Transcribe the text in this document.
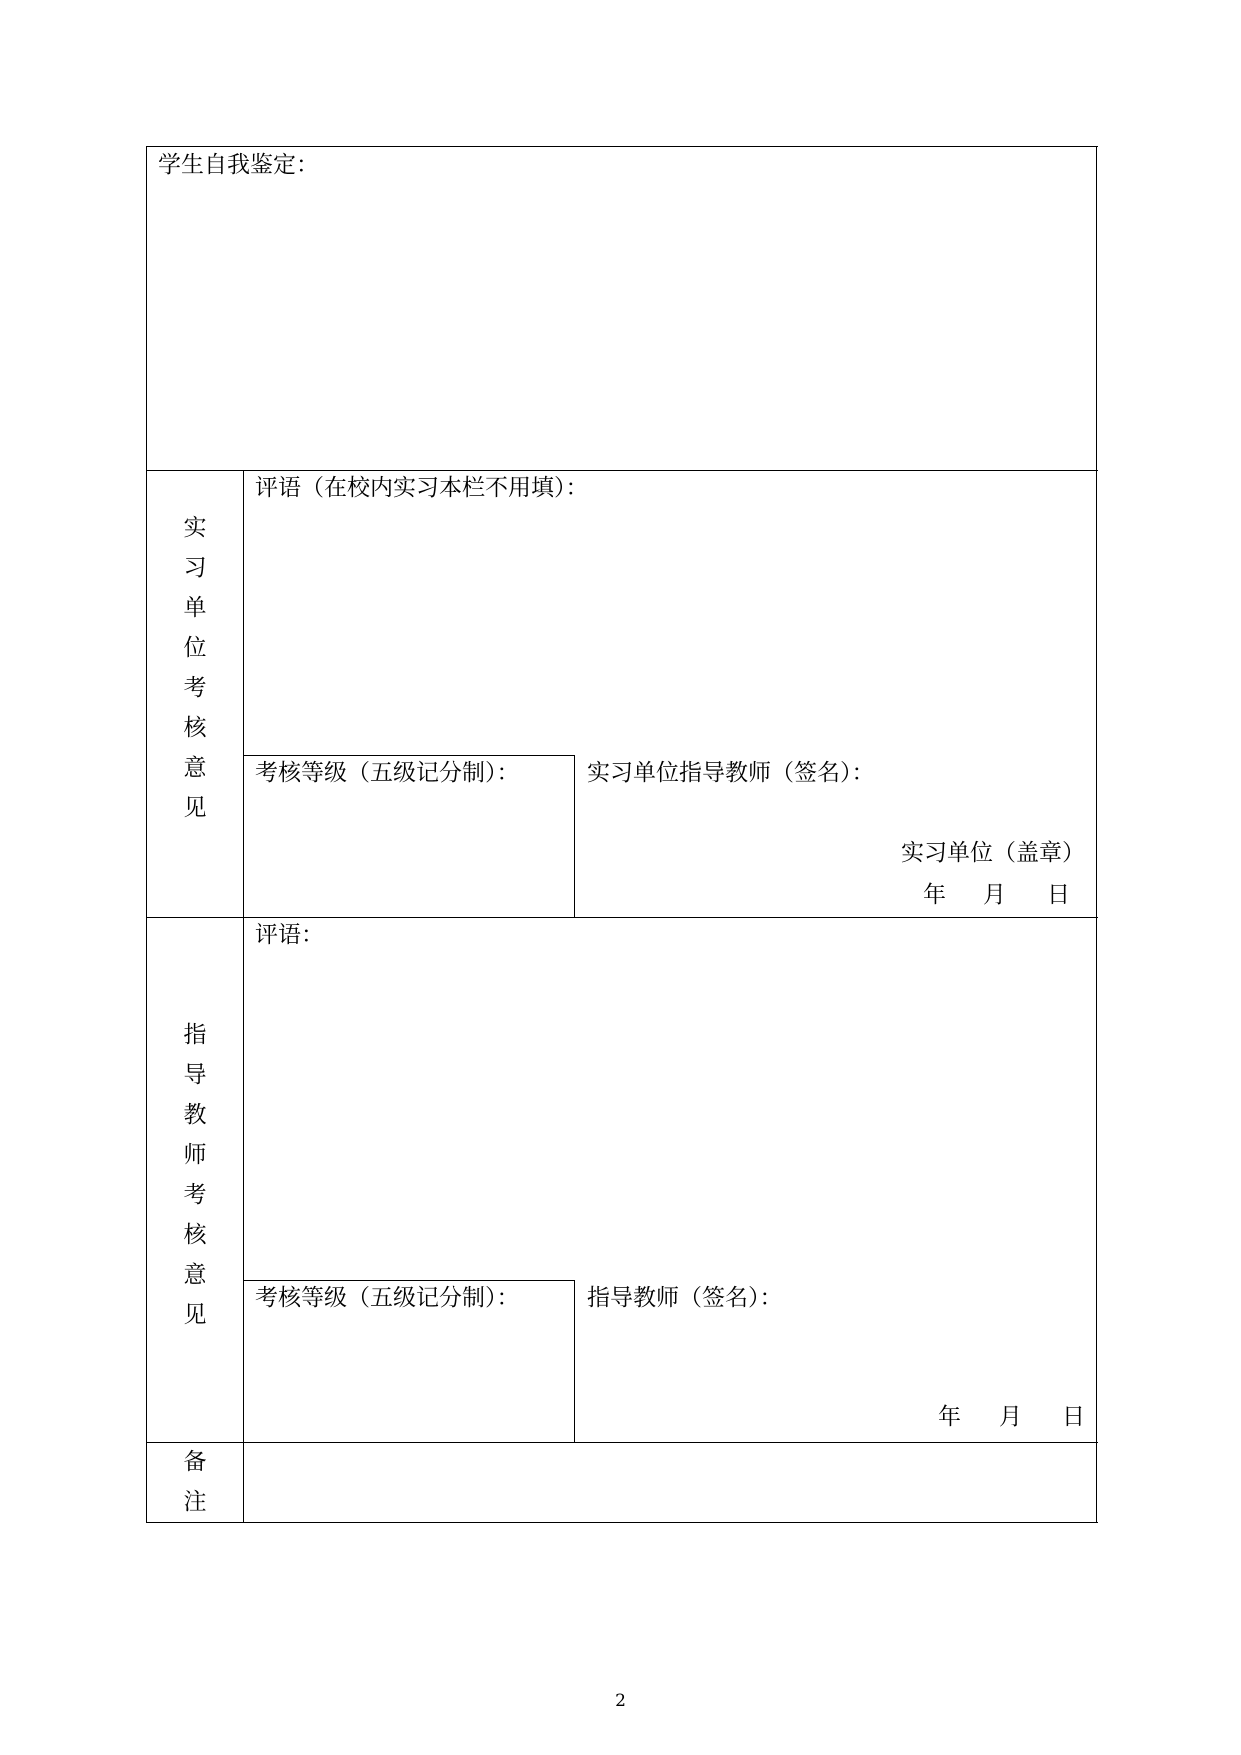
学生自我鉴定：
实
习
单
位
考
核
意
见
评语（在校内实习本栏不用填）：
考核等级（五级记分制）：	实习单位指导教师（签名）：
实习单位（盖章）
年 月 日
指
导
教
师
考
核
意
见
评语：
考核等级（五级记分制）：	指导教师（签名）：
年 月 日
备
注
2
